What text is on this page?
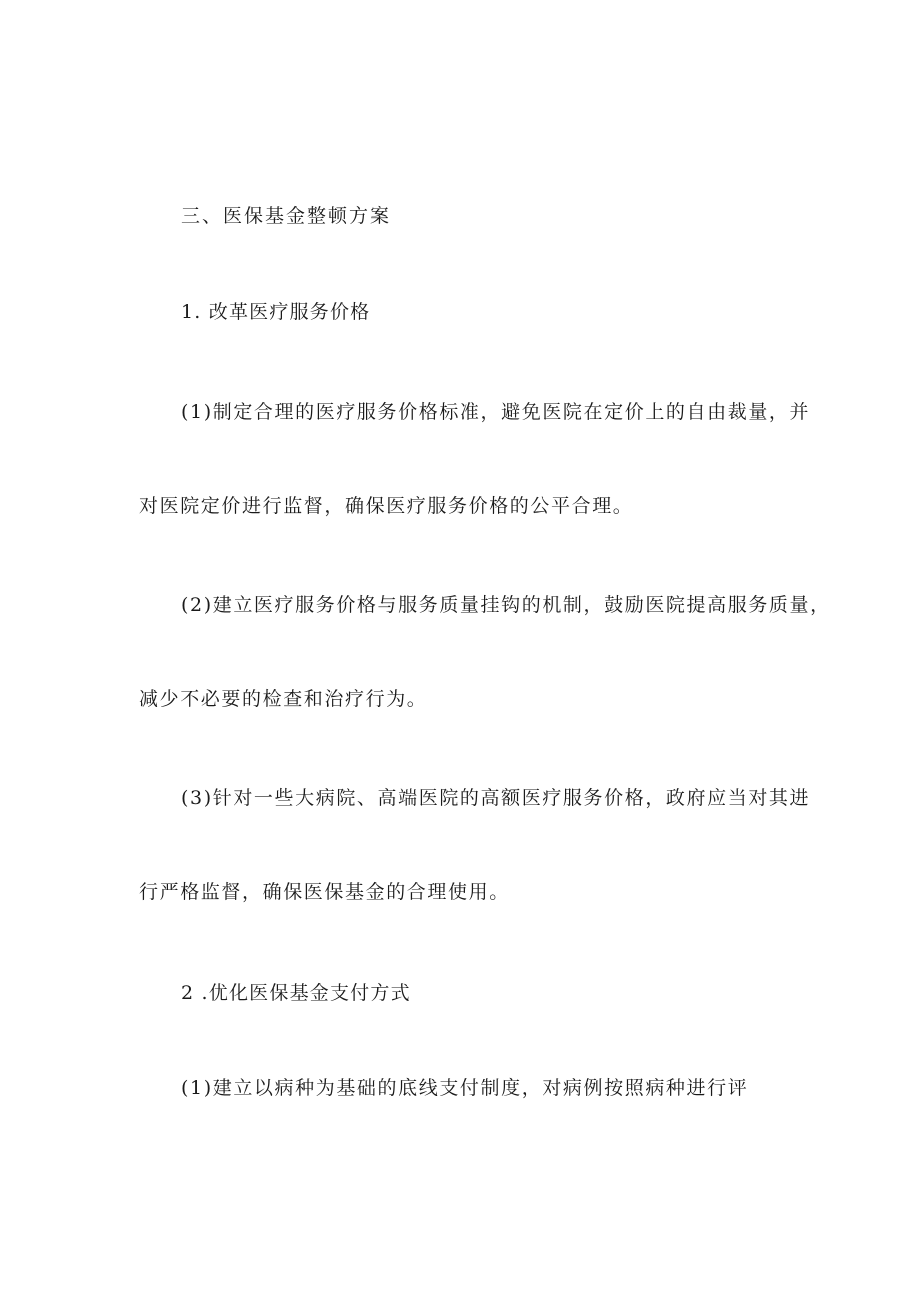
三、医保基金整顿方案
1. 改革医疗服务价格
(1)制定合理的医疗服务价格标准，避免医院在定价上的自由裁量，并
对医院定价进行监督，确保医疗服务价格的公平合理。
(2)建立医疗服务价格与服务质量挂钩的机制，鼓励医院提高服务质量，
减少不必要的检查和治疗行为。
(3)针对一些大病院、高端医院的高额医疗服务价格，政府应当对其进
行严格监督，确保医保基金的合理使用。
2 .优化医保基金支付方式
(1)建立以病种为基础的底线支付制度，对病例按照病种进行评
